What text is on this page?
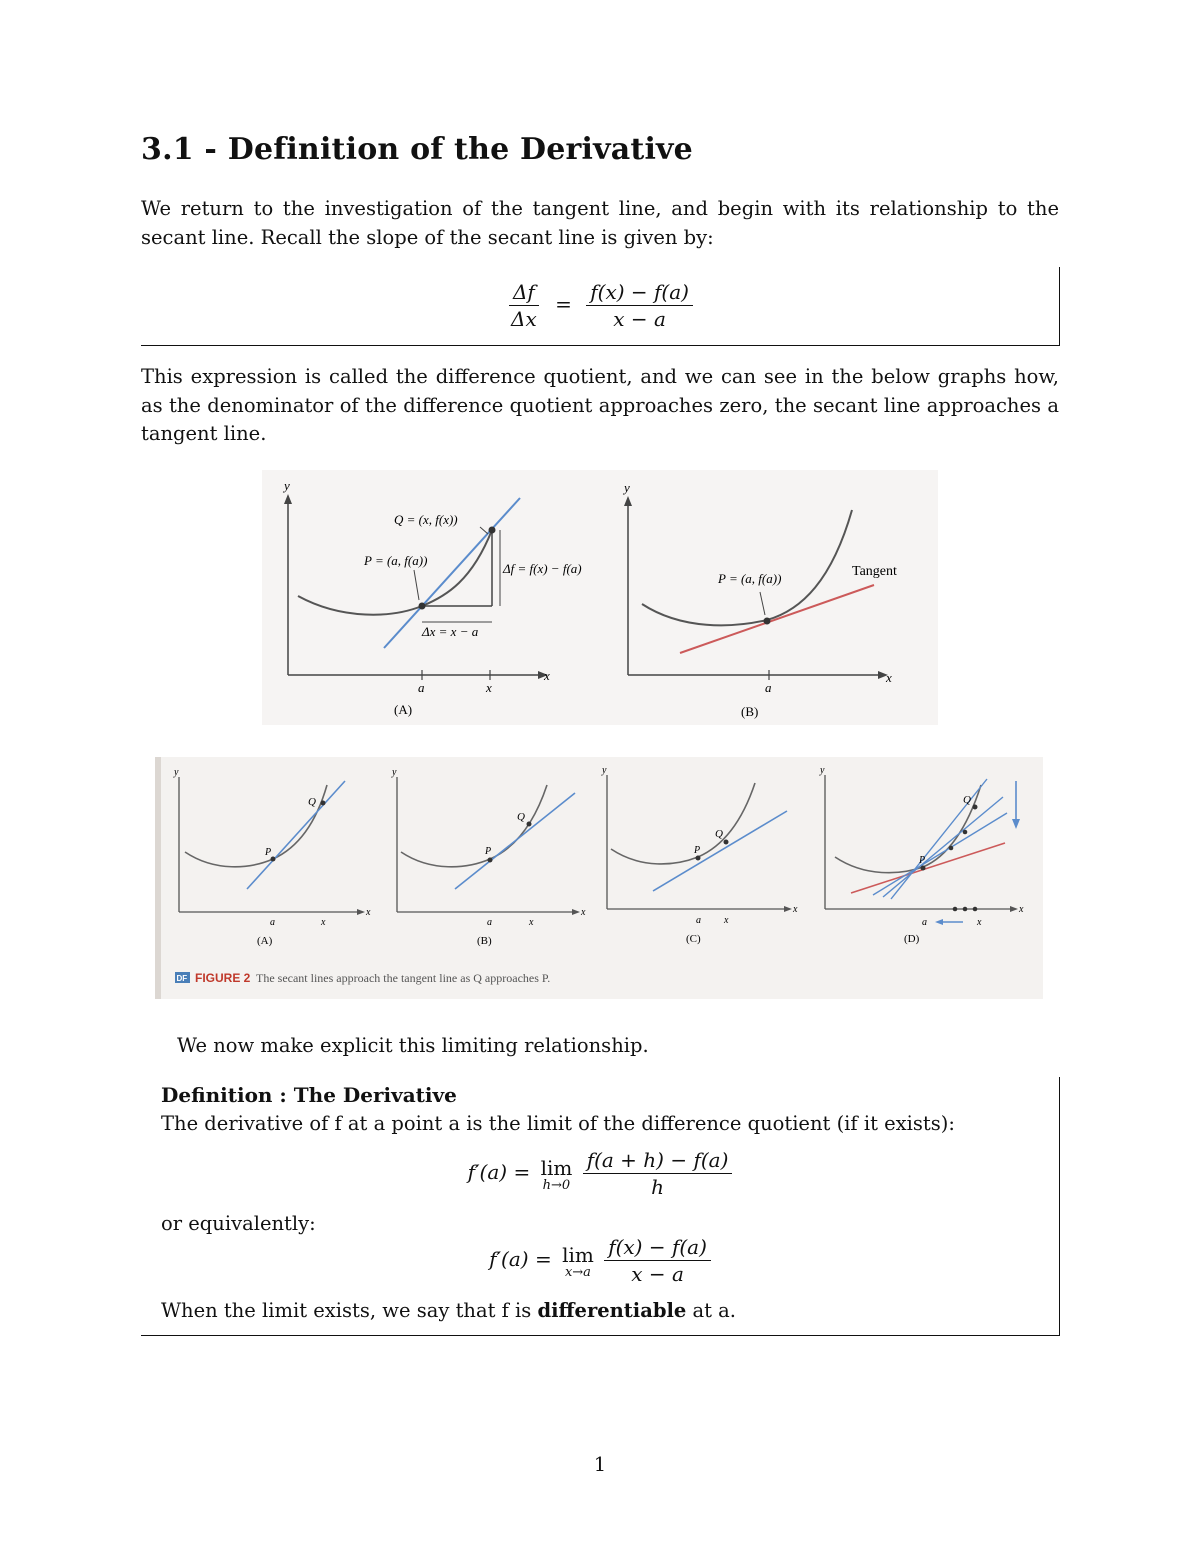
3.1 - Definition of the Derivative

We return to the investigation of the tangent line, and begin with its relationship to the secant line. Recall the slope of the secant line is given by:

$\frac{\Delta f}{\Delta x} = \frac{f(x) - f(a)}{x - a}$

This expression is called the difference quotient, and we can see in the below graphs how, as the denominator of the difference quotient approaches zero, the secant line approaches a tangent line.

y
x
Q = (x, f(x))
P = (a, f(a))
Δf = f(x) − f(a)
Δx = x − a
a	x
(A)
y
x
P = (a, f(a))	Tangent
a
(B)
y
x
P
Q
a	x
(A)
y
x
P
Q
a	x
(B)
y
x
P
Q
a x
(C)
y
x
P
Q
a	x
(D)
DF FIGURE 2 The secant lines approach the tangent line as Q approaches P.
We now make explicit this limiting relationship.
Definition : The Derivative
The derivative of f at a point a is the limit of the difference quotient (if it exists):
f′(a) = lim
h→0
$\frac{f(a + h) - f(a)}{h}$
or equivalently:
f′(a) = lim
x→a
$\frac{f(x) - f(a)}{x - a}$
When the limit exists, we say that f is differentiable at a.
1
